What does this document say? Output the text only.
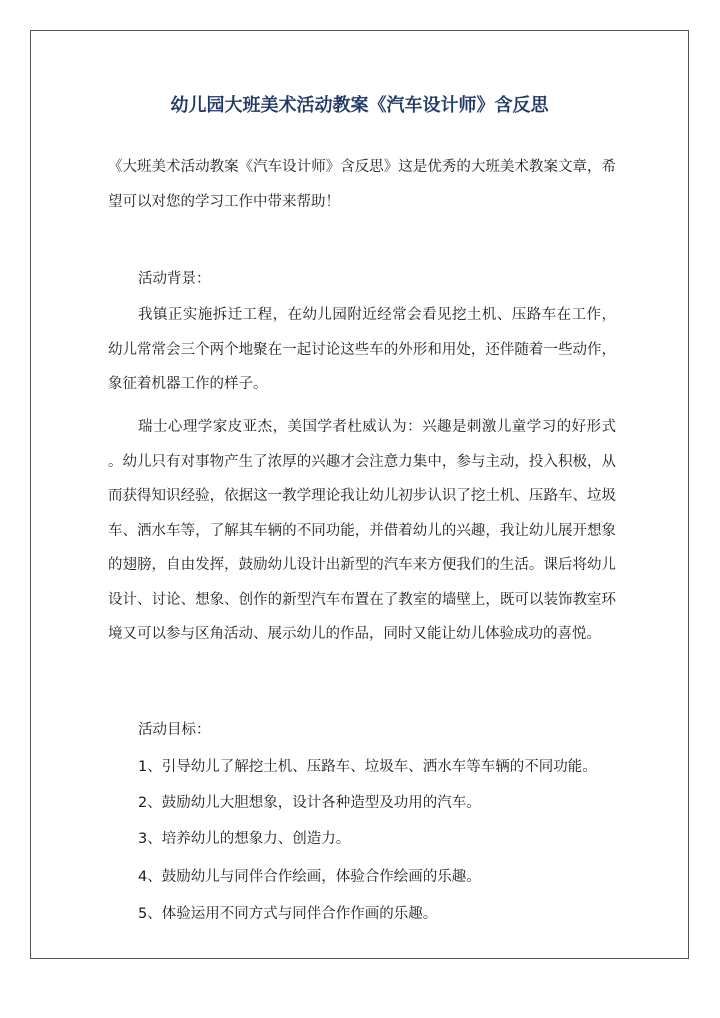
幼儿园大班美术活动教案《汽车设计师》含反思

《大班美术活动教案《汽车设计师》含反思》这是优秀的大班美术教案文章，希望可以对您的学习工作中带来帮助！

活动背景：

我镇正实施拆迁工程，在幼儿园附近经常会看见挖土机、压路车在工作，幼儿常常会三个两个地聚在一起讨论这些车的外形和用处，还伴随着一些动作，象征着机器工作的样子。

瑞士心理学家皮亚杰，美国学者杜威认为：兴趣是刺激儿童学习的好形式 。幼儿只有对事物产生了浓厚的兴趣才会注意力集中，参与主动，投入积极，从而获得知识经验，依据这一教学理论我让幼儿初步认识了挖土机、压路车、垃圾车、洒水车等，了解其车辆的不同功能，并借着幼儿的兴趣，我让幼儿展开想象的翅膀，自由发挥，鼓励幼儿设计出新型的汽车来方便我们的生活。课后将幼儿设计、讨论、想象、创作的新型汽车布置在了教室的墙壁上，既可以装饰教室环境又可以参与区角活动、展示幼儿的作品，同时又能让幼儿体验成功的喜悦。

活动目标：

1、引导幼儿了解挖土机、压路车、垃圾车、洒水车等车辆的不同功能。

2、鼓励幼儿大胆想象，设计各种造型及功用的汽车。

3、培养幼儿的想象力、创造力。

4、鼓励幼儿与同伴合作绘画，体验合作绘画的乐趣。

5、体验运用不同方式与同伴合作作画的乐趣。
